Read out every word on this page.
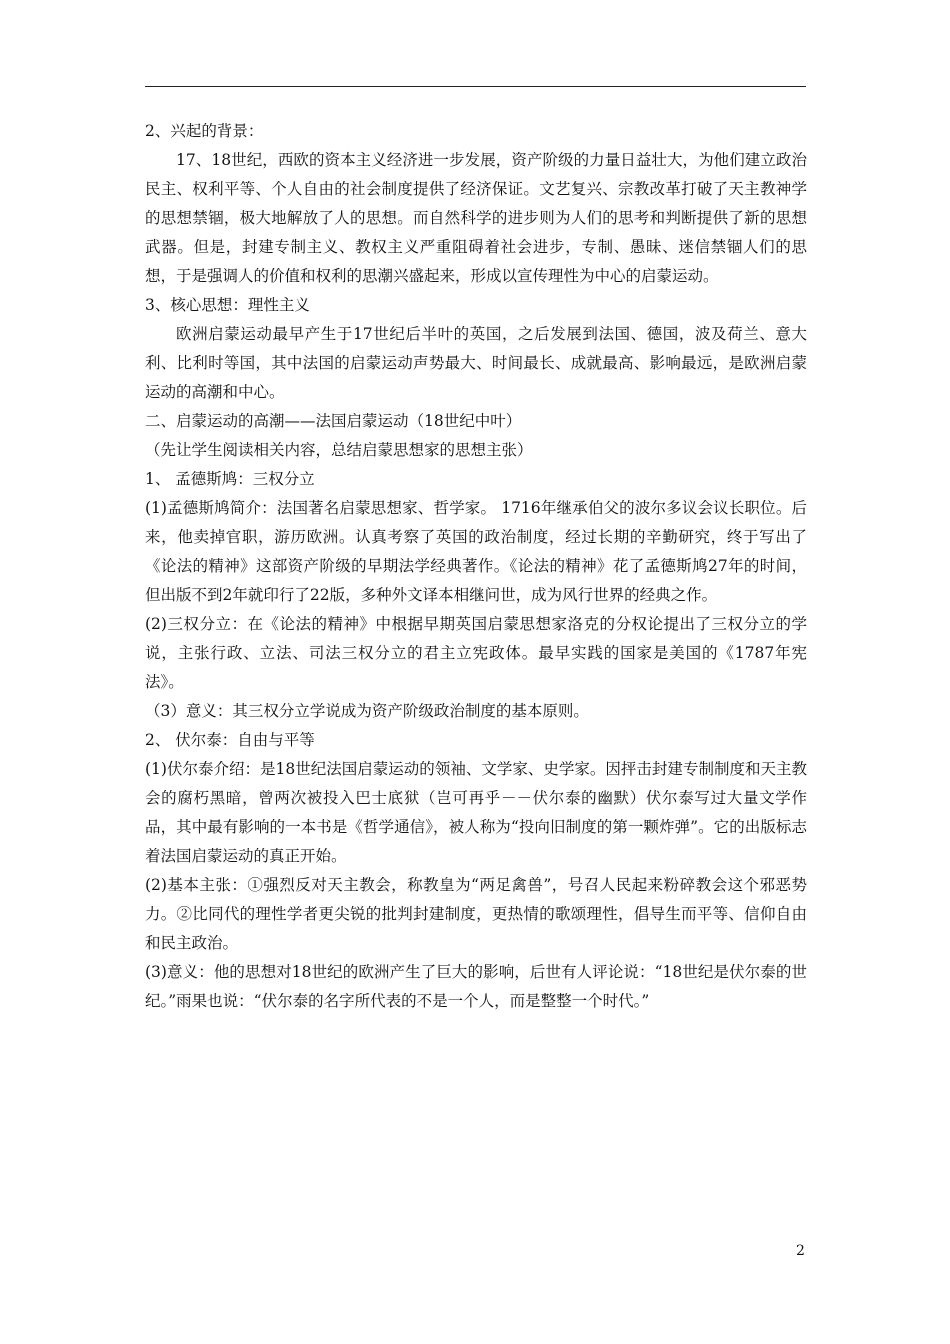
2、兴起的背景：

17、18世纪，西欧的资本主义经济进一步发展，资产阶级的力量日益壮大，为他们建立政治民主、权利平等、个人自由的社会制度提供了经济保证。文艺复兴、宗教改革打破了天主教神学的思想禁锢，极大地解放了人的思想。而自然科学的进步则为人们的思考和判断提供了新的思想武器。但是，封建专制主义、教权主义严重阻碍着社会进步，专制、愚昧、迷信禁锢人们的思想，于是强调人的价值和权利的思潮兴盛起来，形成以宣传理性为中心的启蒙运动。

3、核心思想：理性主义

欧洲启蒙运动最早产生于17世纪后半叶的英国，之后发展到法国、德国，波及荷兰、意大利、比利时等国，其中法国的启蒙运动声势最大、时间最长、成就最高、影响最远，是欧洲启蒙运动的高潮和中心。

二、启蒙运动的高潮——法国启蒙运动（18世纪中叶）

（先让学生阅读相关内容，总结启蒙思想家的思想主张）

1、 孟德斯鸠：三权分立

(1)孟德斯鸠简介：法国著名启蒙思想家、哲学家。 1716年继承伯父的波尔多议会议长职位。后来，他卖掉官职，游历欧洲。认真考察了英国的政治制度，经过长期的辛勤研究，终于写出了《论法的精神》这部资产阶级的早期法学经典著作。《论法的精神》花了孟德斯鸠27年的时间，但出版不到2年就印行了22版，多种外文译本相继问世，成为风行世界的经典之作。

(2)三权分立：在《论法的精神》中根据早期英国启蒙思想家洛克的分权论提出了三权分立的学说，主张行政、立法、司法三权分立的君主立宪政体。最早实践的国家是美国的《1787年宪法》。

（3）意义：其三权分立学说成为资产阶级政治制度的基本原则。

2、 伏尔泰：自由与平等

(1)伏尔泰介绍：是18世纪法国启蒙运动的领袖、文学家、史学家。因抨击封建专制制度和天主教会的腐朽黑暗，曾两次被投入巴士底狱（岂可再乎－－伏尔泰的幽默）伏尔泰写过大量文学作品，其中最有影响的一本书是《哲学通信》，被人称为“投向旧制度的第一颗炸弹”。它的出版标志着法国启蒙运动的真正开始。

(2)基本主张：①强烈反对天主教会，称教皇为“两足禽兽”，号召人民起来粉碎教会这个邪恶势力。②比同代的理性学者更尖锐的批判封建制度，更热情的歌颂理性，倡导生而平等、信仰自由和民主政治。

(3)意义：他的思想对18世纪的欧洲产生了巨大的影响，后世有人评论说：“18世纪是伏尔泰的世纪。”雨果也说：“伏尔泰的名字所代表的不是一个人，而是整整一个时代。”

2
